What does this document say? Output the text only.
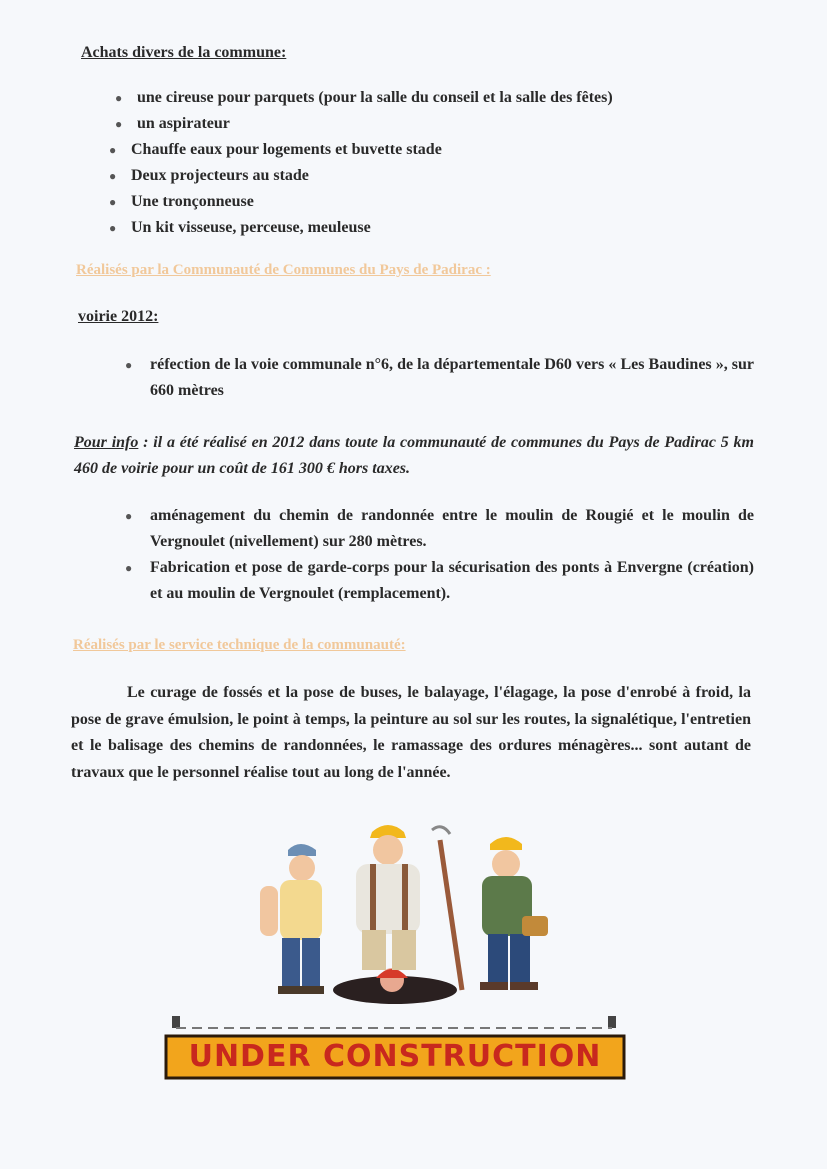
Achats divers de la commune:
● une cireuse pour parquets (pour la salle du conseil et la salle des fêtes)
● un aspirateur
● Chauffe eaux pour logements et buvette stade
● Deux projecteurs au stade
● Une tronçonneuse
● Un kit visseuse, perceuse, meuleuse
Réalisés par la Communauté de Communes du Pays de Padirac :
voirie 2012:
● réfection de la voie communale n°6, de la départementale D60 vers « Les Baudines », sur 660 mètres
Pour info : il a été réalisé en 2012 dans toute la communauté de communes du Pays de Padirac 5 km 460 de voirie pour un coût de 161 300 € hors taxes.
● aménagement du chemin de randonnée entre le moulin de Rougié et le moulin de Vergnoulet (nivellement) sur 280 mètres.
● Fabrication et pose de garde-corps pour la sécurisation des ponts à Envergne (création) et au moulin de Vergnoulet (remplacement).
Réalisés par le service technique de la communauté:
Le curage de fossés et la pose de buses, le balayage, l'élagage, la pose d'enrobé à froid, la pose de grave émulsion, le point à temps, la peinture au sol sur les routes, la signalétique, l'entretien et le balisage des chemins de randonnées, le ramassage des ordures ménagères... sont autant de travaux que le personnel réalise tout au long de l'année.
UNDER CONSTRUCTION
